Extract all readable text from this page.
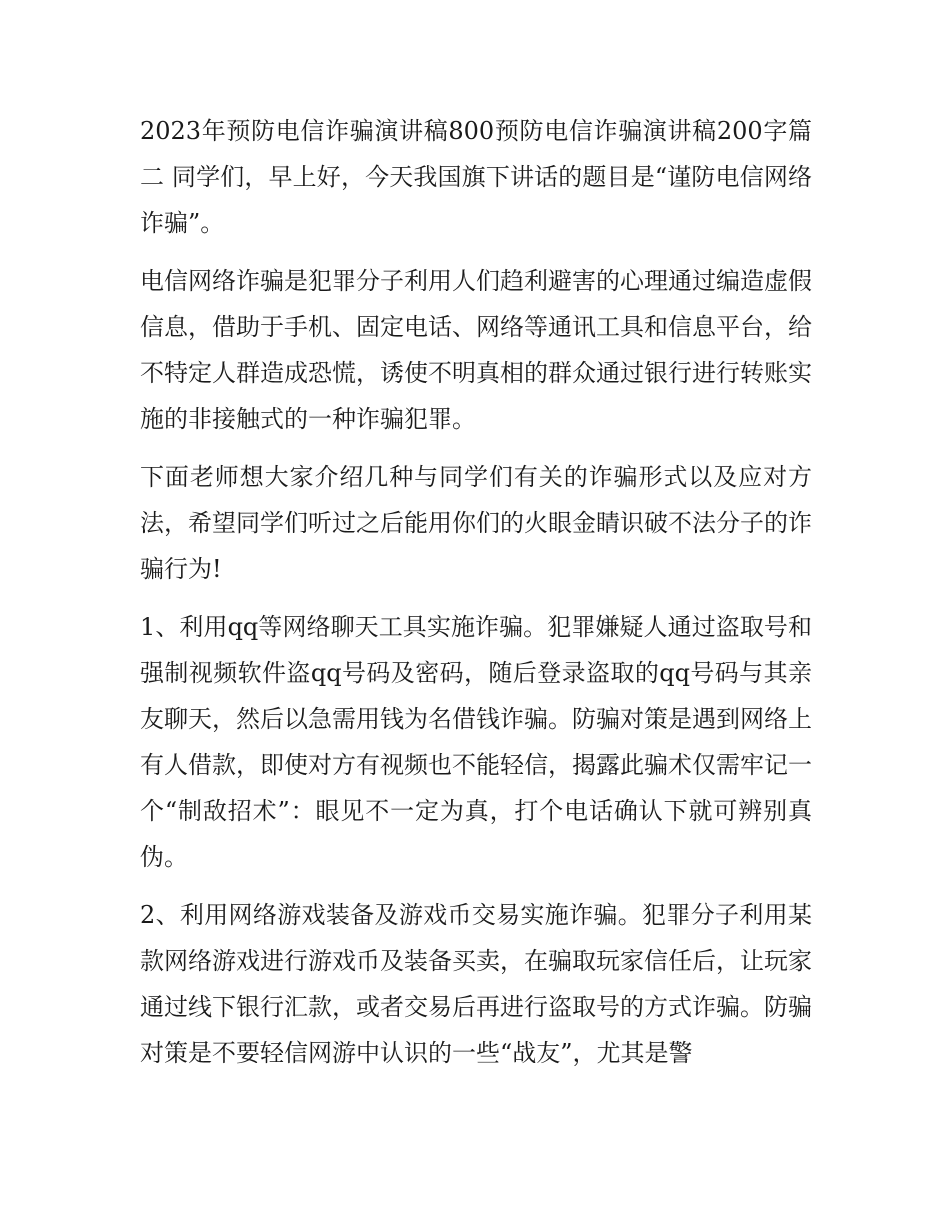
2023年预防电信诈骗演讲稿800预防电信诈骗演讲稿200字篇二 同学们，早上好，今天我国旗下讲话的题目是“谨防电信网络诈骗”。

电信网络诈骗是犯罪分子利用人们趋利避害的心理通过编造虚假信息，借助于手机、固定电话、网络等通讯工具和信息平台，给不特定人群造成恐慌，诱使不明真相的群众通过银行进行转账实施的非接触式的一种诈骗犯罪。

下面老师想大家介绍几种与同学们有关的诈骗形式以及应对方法，希望同学们听过之后能用你们的火眼金睛识破不法分子的诈骗行为!

1、利用qq等网络聊天工具实施诈骗。犯罪嫌疑人通过盗取号和强制视频软件盗qq号码及密码，随后登录盗取的qq号码与其亲友聊天，然后以急需用钱为名借钱诈骗。防骗对策是遇到网络上有人借款，即使对方有视频也不能轻信，揭露此骗术仅需牢记一个“制敌招术”：眼见不一定为真，打个电话确认下就可辨别真伪。

2、利用网络游戏装备及游戏币交易实施诈骗。犯罪分子利用某款网络游戏进行游戏币及装备买卖，在骗取玩家信任后，让玩家通过线下银行汇款，或者交易后再进行盗取号的方式诈骗。防骗对策是不要轻信网游中认识的一些“战友”，尤其是警
